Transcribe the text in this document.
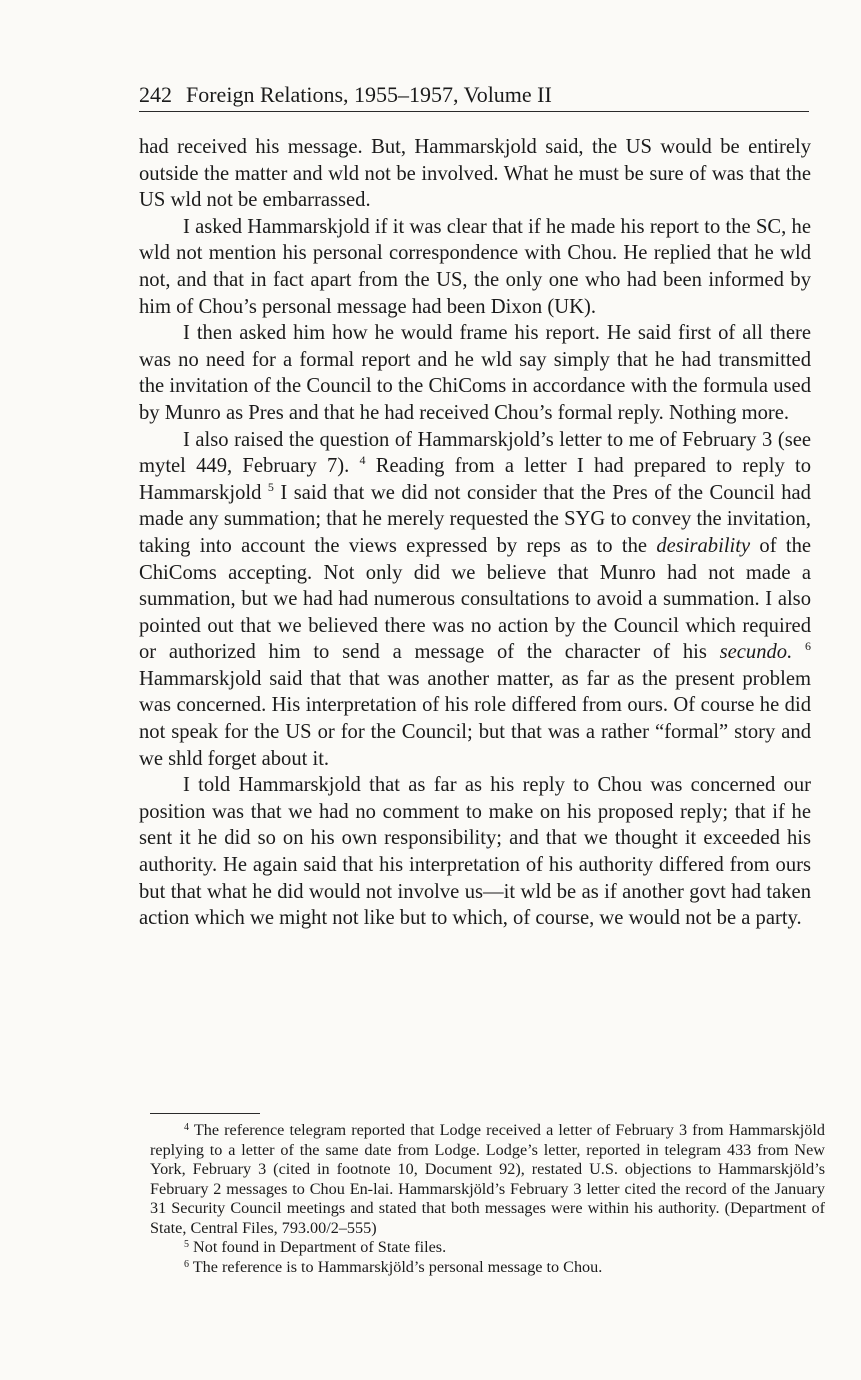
242 Foreign Relations, 1955–1957, Volume II

had received his message. But, Hammarskjold said, the US would be entirely outside the matter and wld not be involved. What he must be sure of was that the US wld not be embarrassed.

I asked Hammarskjold if it was clear that if he made his report to the SC, he wld not mention his personal correspondence with Chou. He replied that he wld not, and that in fact apart from the US, the only one who had been informed by him of Chou’s personal message had been Dixon (UK).

I then asked him how he would frame his report. He said first of all there was no need for a formal report and he wld say simply that he had transmitted the invitation of the Council to the ChiComs in accordance with the formula used by Munro as Pres and that he had received Chou’s formal reply. Nothing more.

I also raised the question of Hammarskjold’s letter to me of February 3 (see mytel 449, February 7). $^4$ Reading from a letter I had prepared to reply to Hammarskjold $^5$ I said that we did not consider that the Pres of the Council had made any summation; that he merely requested the SYG to convey the invitation, taking into account the views expressed by reps as to the desirability of the ChiComs accepting. Not only did we believe that Munro had not made a summation, but we had had numerous consultations to avoid a summation. I also pointed out that we believed there was no action by the Council which required or authorized him to send a message of the character of his secundo. $^6$ Hammarskjold said that that was another matter, as far as the present problem was concerned. His interpretation of his role differed from ours. Of course he did not speak for the US or for the Council; but that was a rather “formal” story and we shld forget about it.

I told Hammarskjold that as far as his reply to Chou was concerned our position was that we had no comment to make on his proposed reply; that if he sent it he did so on his own responsibility; and that we thought it exceeded his authority. He again said that his interpretation of his authority differed from ours but that what he did would not involve us—it wld be as if another govt had taken action which we might not like but to which, of course, we would not be a party.

$^4$ The reference telegram reported that Lodge received a letter of February 3 from Hammarskjöld replying to a letter of the same date from Lodge. Lodge’s letter, reported in telegram 433 from New York, February 3 (cited in footnote 10, Document 92), restated U.S. objections to Hammarskjöld’s February 2 messages to Chou En-lai. Hammarskjöld’s February 3 letter cited the record of the January 31 Security Council meetings and stated that both messages were within his authority. (Department of State, Central Files, 793.00/2–555)

$^5$ Not found in Department of State files.

$^6$ The reference is to Hammarskjöld’s personal message to Chou.
